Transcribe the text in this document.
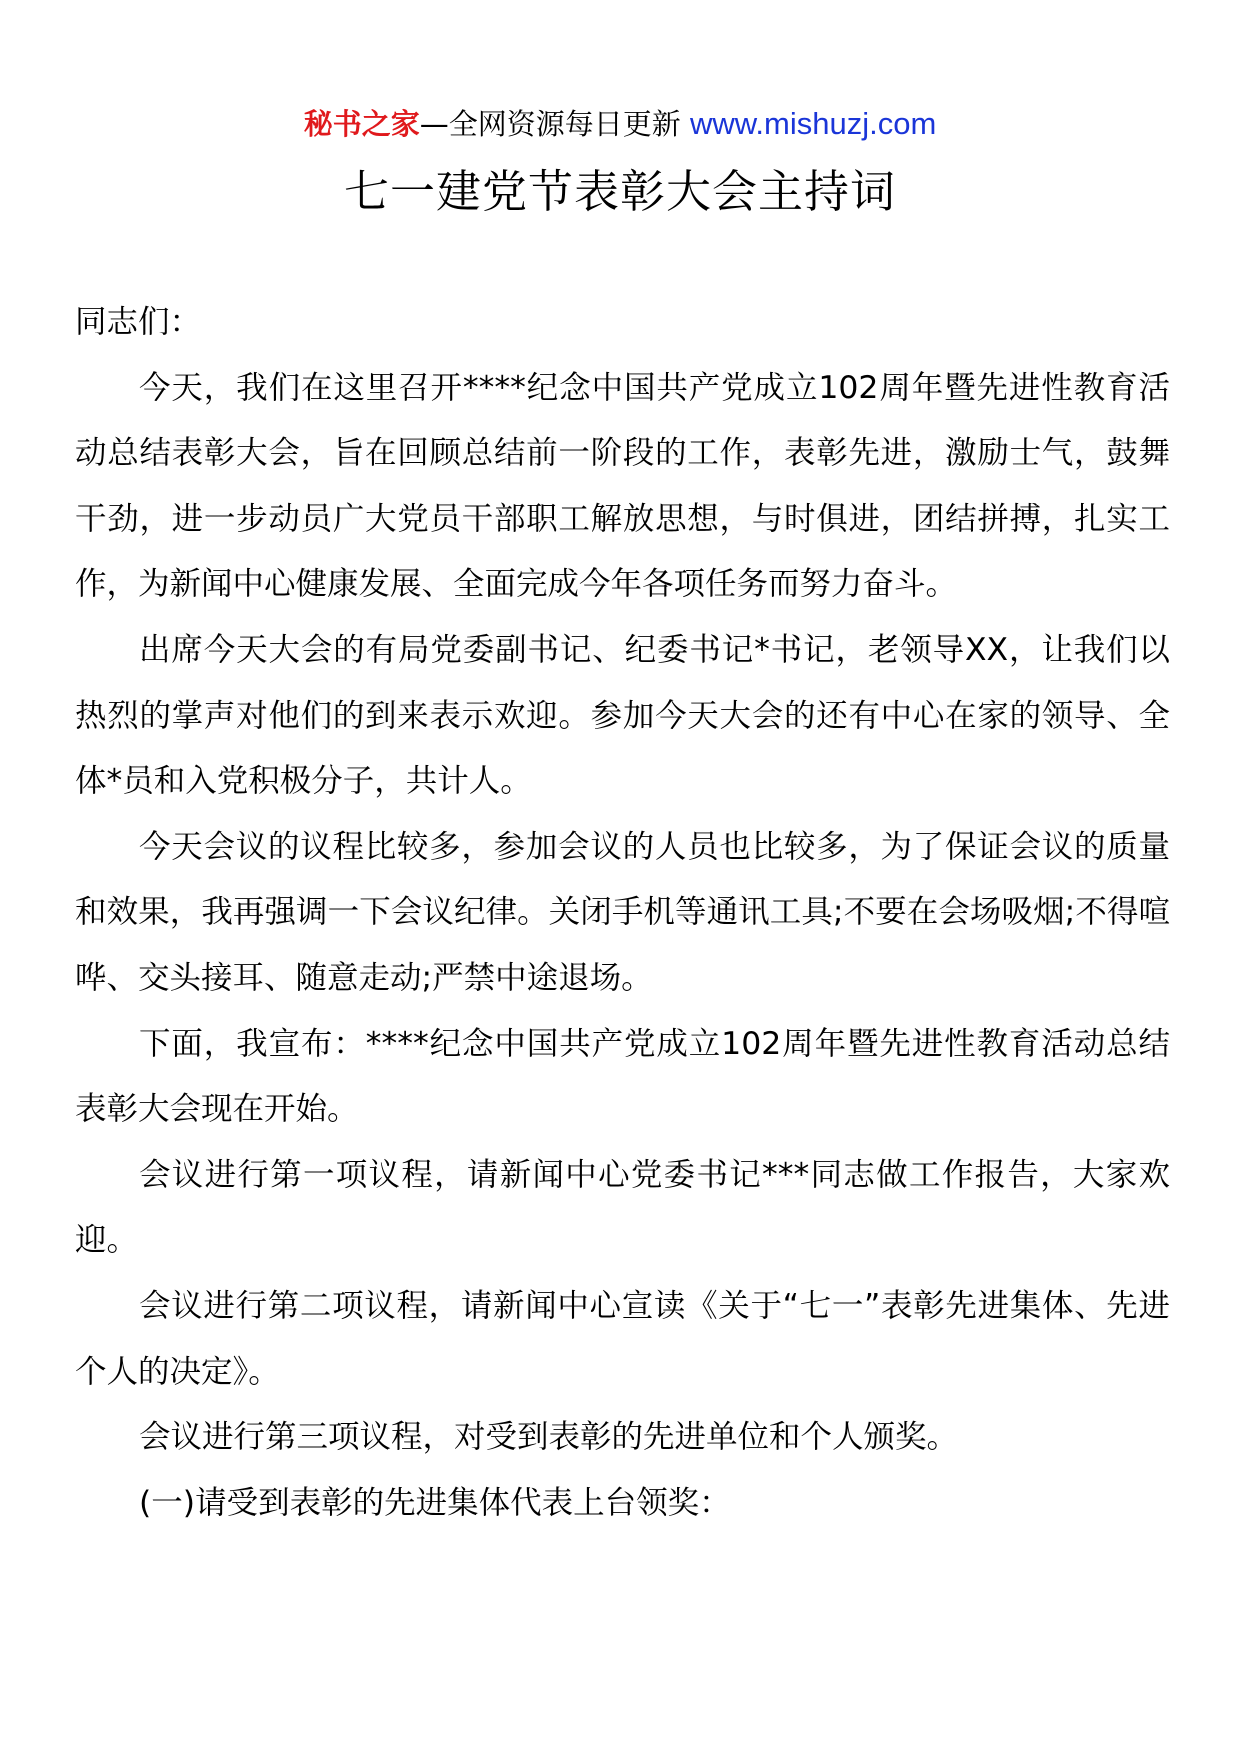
秘书之家—全网资源每日更新 www.mishuzj.com
七一建党节表彰大会主持词

同志们：

今天，我们在这里召开****纪念中国共产党成立102周年暨先进性教育活动总结表彰大会，旨在回顾总结前一阶段的工作，表彰先进，激励士气，鼓舞干劲，进一步动员广大党员干部职工解放思想，与时俱进，团结拼搏，扎实工作，为新闻中心健康发展、全面完成今年各项任务而努力奋斗。

出席今天大会的有局党委副书记、纪委书记*书记，老领导XX，让我们以热烈的掌声对他们的到来表示欢迎。参加今天大会的还有中心在家的领导、全体*员和入党积极分子，共计人。

今天会议的议程比较多，参加会议的人员也比较多，为了保证会议的质量和效果，我再强调一下会议纪律。关闭手机等通讯工具;不要在会场吸烟;不得喧哗、交头接耳、随意走动;严禁中途退场。

下面，我宣布：****纪念中国共产党成立102周年暨先进性教育活动总结表彰大会现在开始。

会议进行第一项议程，请新闻中心党委书记***同志做工作报告，大家欢迎。

会议进行第二项议程，请新闻中心宣读《关于“七一”表彰先进集体、先进个人的决定》。

会议进行第三项议程，对受到表彰的先进单位和个人颁奖。

(一)请受到表彰的先进集体代表上台领奖：
